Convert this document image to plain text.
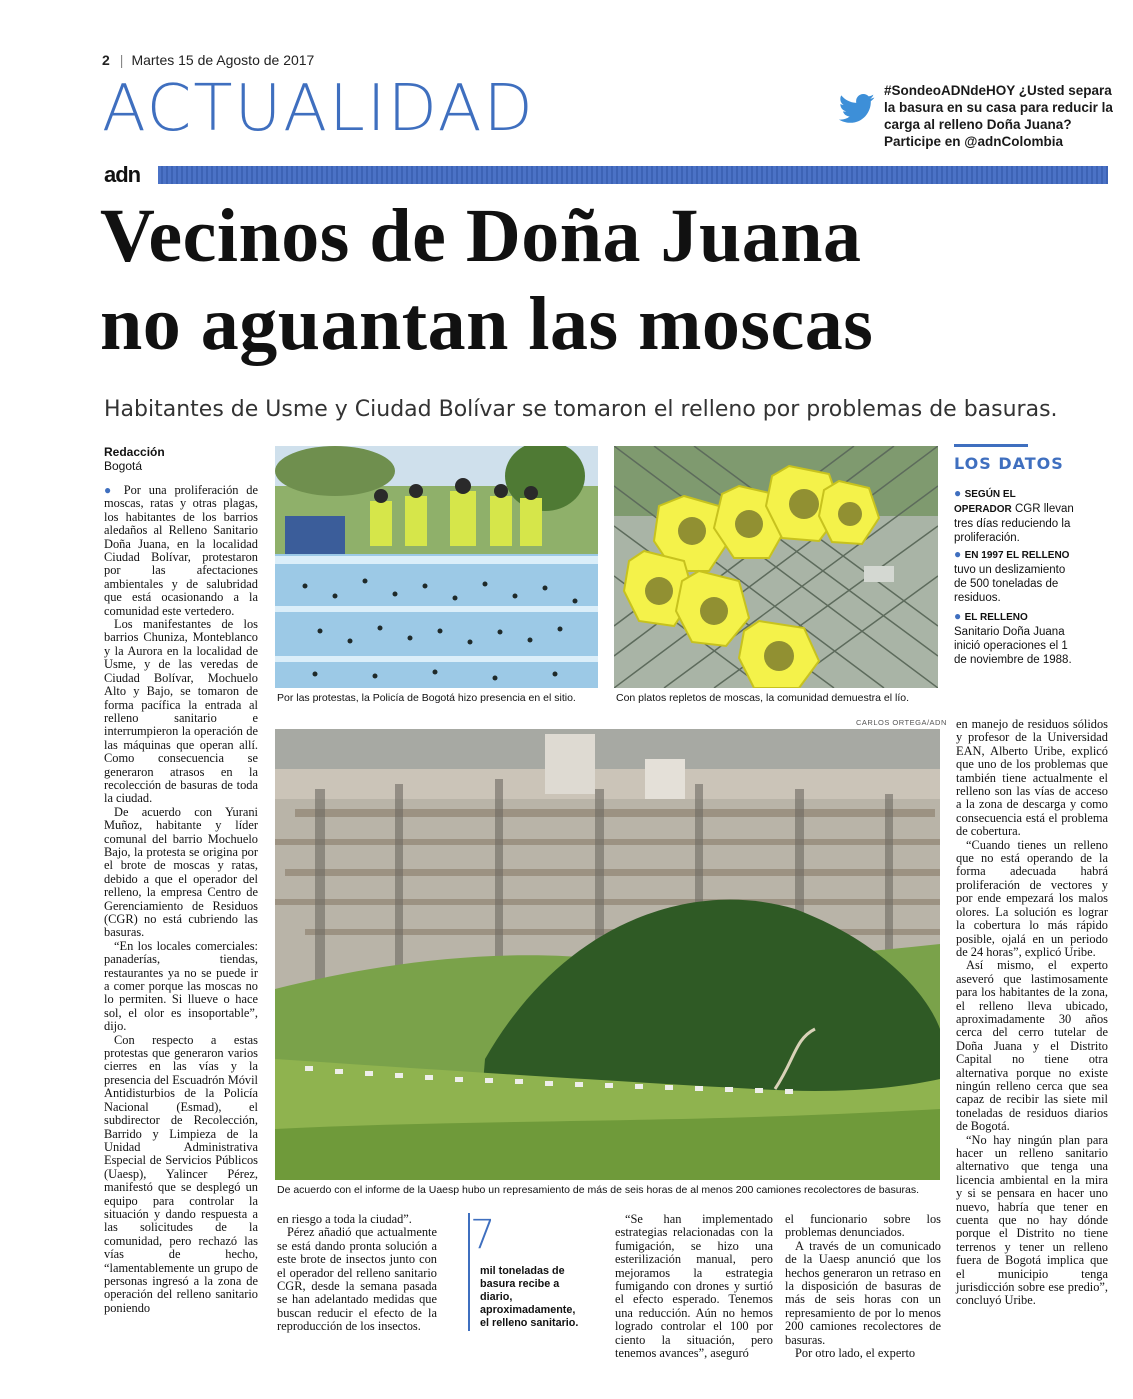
2 | Martes 15 de Agosto de 2017
ACTUALIDAD	#SondeoADNdeHOY ¿Usted separa la basura en su casa para reducir la carga al relleno Doña Juana? Participe en @adnColombia
adn
Vecinos de Doña Juana
no aguantan las moscas
Habitantes de Usme y Ciudad Bolívar se tomaron el relleno por problemas de basuras.
Redacción
Bogotá

● Por una proliferación de moscas, ratas y otras plagas, los habitantes de los barrios aledaños al Relleno Sanitario Doña Juana, en la localidad Ciudad Bolívar, protestaron por las afectaciones ambientales y de salubridad que está ocasionando a la comunidad este vertedero.

Los manifestantes de los barrios Chuniza, Monteblanco y la Aurora en la localidad de Usme, y de las veredas de Ciudad Bolívar, Mochuelo Alto y Bajo, se tomaron de forma pacífica la entrada al relleno sanitario e interrumpieron la operación de las máquinas que operan allí. Como consecuencia se generaron atrasos en la recolección de basuras de toda la ciudad.

De acuerdo con Yurani Muñoz, habitante y líder comunal del barrio Mochuelo Bajo, la protesta se origina por el brote de moscas y ratas, debido a que el operador del relleno, la empresa Centro de Gerenciamiento de Residuos (CGR) no está cubriendo las basuras.

“En los locales comerciales: panaderías, tiendas, restaurantes ya no se puede ir a comer porque las moscas no lo permiten. Si llueve o hace sol, el olor es insoportable”, dijo.

Con respecto a estas protestas que generaron varios cierres en las vías y la presencia del Escuadrón Móvil Antidisturbios de la Policía Nacional (Esmad), el subdirector de Recolección, Barrido y Limpieza de la Unidad Administrativa Especial de Servicios Públicos (Uaesp), Yalincer Pérez, manifestó que se desplegó un equipo para controlar la situación y dando respuesta a las solicitudes de la comunidad, pero rechazó las vías de hecho, “lamentablemente un grupo de personas ingresó a la zona de operación del relleno sanitario poniendo

Por las protestas, la Policía de Bogotá hizo presencia en el sitio.	Con platos repletos de moscas, la comunidad demuestra el lío.
CARLOS ORTEGA/ADN
LOS DATOS
● SEGÚN EL OPERADOR CGR llevan tres días reduciendo la proliferación.
● EN 1997 EL RELLENO tuvo un deslizamiento de 500 toneladas de residuos.
● EL RELLENO Sanitario Doña Juana inició operaciones el 1 de noviembre de 1988.
De acuerdo con el informe de la Uaesp hubo un represamiento de más de seis horas de al menos 200 camiones recolectores de basuras.

en riesgo a toda la ciudad”.

Pérez añadió que actualmente se está dando pronta solución a este brote de insectos junto con el operador del relleno sanitario CGR, desde la semana pasada se han adelantado medidas que buscan reducir el efecto de la reproducción de los insectos.

7
mil toneladas de basura recibe a diario, aproximadamente, el relleno sanitario.

“Se han implementado estrategias relacionadas con la fumigación, se hizo una esterilización manual, pero mejoramos la estrategia fumigando con drones y surtió el efecto esperado. Tenemos una reducción. Aún no hemos logrado controlar el 100 por ciento la situación, pero tenemos avances”, aseguró

el funcionario sobre los problemas denunciados.

A través de un comunicado de la Uaesp anunció que los hechos generaron un retraso en la disposición de basuras de más de seis horas con un represamiento de por lo menos 200 camiones recolectores de basuras.

Por otro lado, el experto

en manejo de residuos sólidos y profesor de la Universidad EAN, Alberto Uribe, explicó que uno de los problemas que también tiene actualmente el relleno son las vías de acceso a la zona de descarga y como consecuencia está el problema de cobertura.

“Cuando tienes un relleno que no está operando de la forma adecuada habrá proliferación de vectores y por ende empezará los malos olores. La solución es lograr la cobertura lo más rápido posible, ojalá en un periodo de 24 horas”, explicó Uribe.

Así mismo, el experto aseveró que lastimosamente para los habitantes de la zona, el relleno lleva ubicado, aproximadamente 30 años cerca del cerro tutelar de Doña Juana y el Distrito Capital no tiene otra alternativa porque no existe ningún relleno cerca que sea capaz de recibir las siete mil toneladas de residuos diarios de Bogotá.

“No hay ningún plan para hacer un relleno sanitario alternativo que tenga una licencia ambiental en la mira y si se pensara en hacer uno nuevo, habría que tener en cuenta que no hay dónde porque el Distrito no tiene terrenos y tener un relleno fuera de Bogotá implica que el municipio tenga jurisdicción sobre ese predio”, concluyó Uribe.
